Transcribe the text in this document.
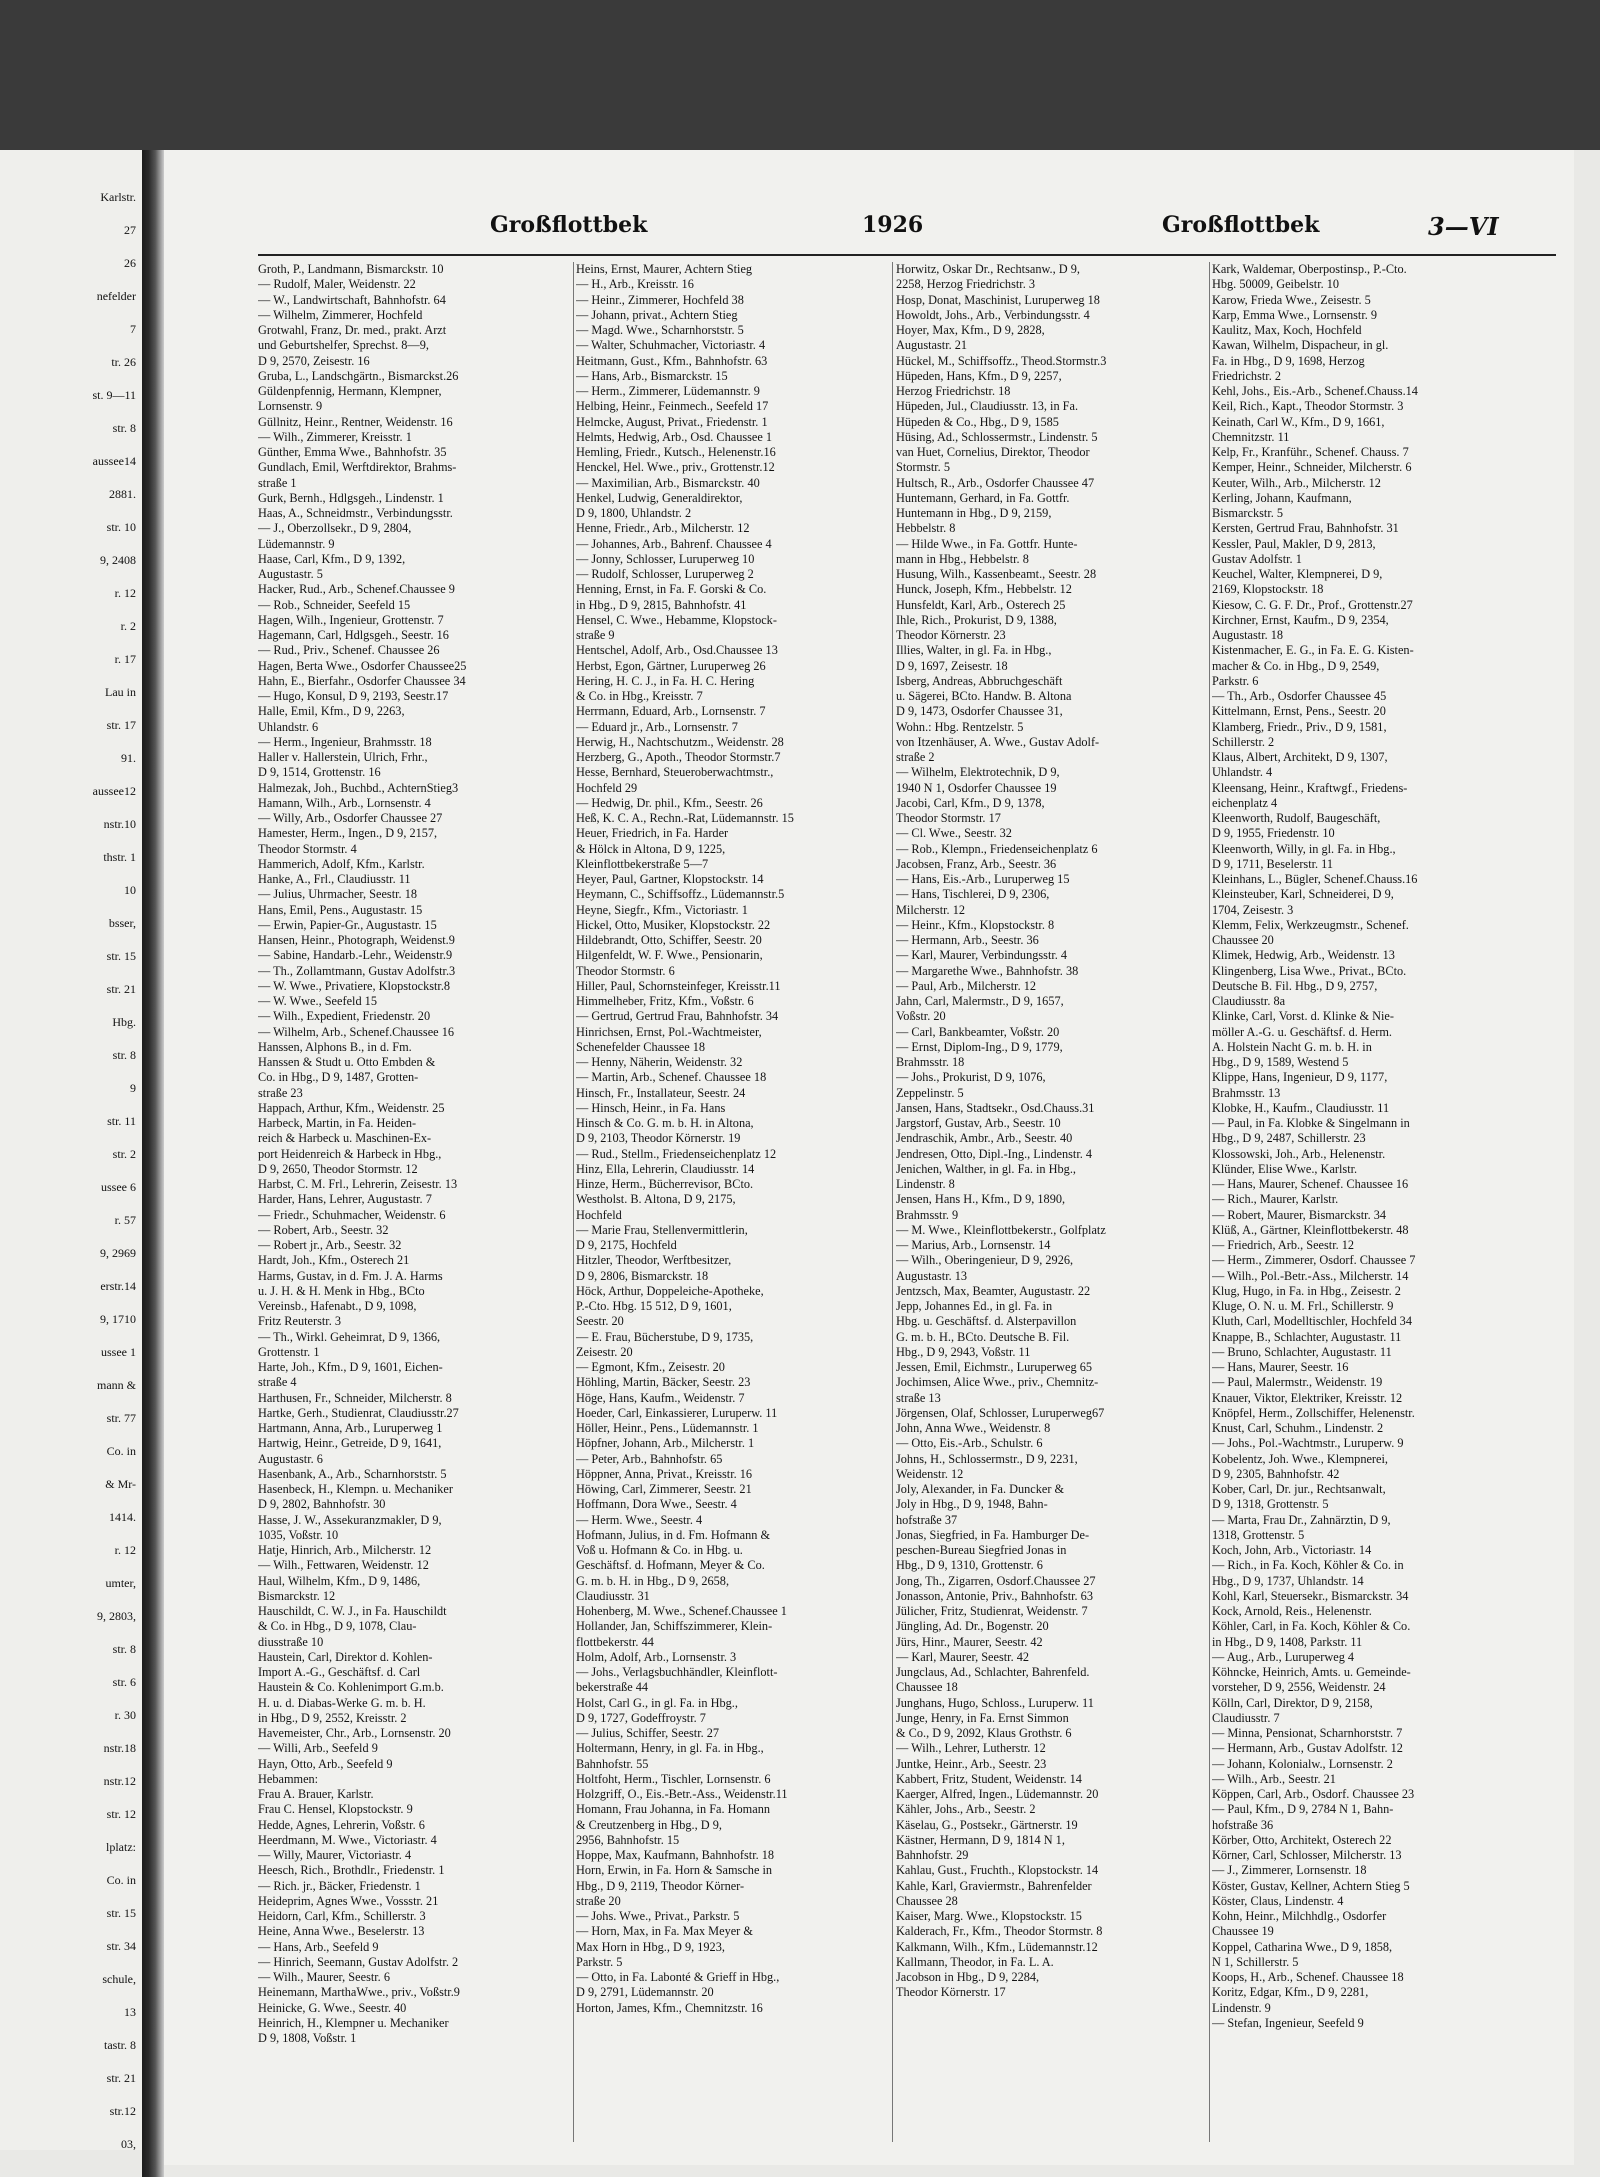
Karlstr.
27
26
nefelder
7
tr. 26
st. 9—11
str. 8
aussee14
2881.
str. 10
9, 2408
r. 12
r. 2
r. 17
Lau in
str. 17
91.
aussee12
nstr.10
thstr. 1
10
bsser,
str. 15
str. 21
Hbg.
str. 8
9
str. 11
str. 2
ussee 6
r. 57
9, 2969
erstr.14
9, 1710
ussee 1
mann &
str. 77
Co. in
& Mr-
1414.
r. 12
umter,
9, 2803,
str. 8
str. 6
r. 30
nstr.18
nstr.12
str. 12
lplatz:
Co. in
str. 15
str. 34
schule,
13
tastr. 8
str. 21
str.12
03,
Großflottbek	1926	Großflottbek	3—VI
Groth, P., Landmann, Bismarckstr. 10
— Rudolf, Maler, Weidenstr. 22
— W., Landwirtschaft, Bahnhofstr. 64
— Wilhelm, Zimmerer, Hochfeld
Grotwahl, Franz, Dr. med., prakt. Arzt
und Geburtshelfer, Sprechst. 8—9,
D 9, 2570, Zeisestr. 16
Gruba, L., Landschgärtn., Bismarckst.26
Güldenpfennig, Hermann, Klempner,
Lornsenstr. 9
Güllnitz, Heinr., Rentner, Weidenstr. 16
— Wilh., Zimmerer, Kreisstr. 1
Günther, Emma Wwe., Bahnhofstr. 35
Gundlach, Emil, Werftdirektor, Brahms-
straße 1
Gurk, Bernh., Hdlgsgeh., Lindenstr. 1
Haas, A., Schneidmstr., Verbindungsstr.
— J., Oberzollsekr., D 9, 2804,
Lüdemannstr. 9
Haase, Carl, Kfm., D 9, 1392,
Augustastr. 5
Hacker, Rud., Arb., Schenef.Chaussee 9
— Rob., Schneider, Seefeld 15
Hagen, Wilh., Ingenieur, Grottenstr. 7
Hagemann, Carl, Hdlgsgeh., Seestr. 16
— Rud., Priv., Schenef. Chaussee 26
Hagen, Berta Wwe., Osdorfer Chaussee25
Hahn, E., Bierfahr., Osdorfer Chaussee 34
— Hugo, Konsul, D 9, 2193, Seestr.17
Halle, Emil, Kfm., D 9, 2263,
Uhlandstr. 6
— Herm., Ingenieur, Brahmsstr. 18
Haller v. Hallerstein, Ulrich, Frhr.,
D 9, 1514, Grottenstr. 16
Halmezak, Joh., Buchbd., AchternStieg3
Hamann, Wilh., Arb., Lornsenstr. 4
— Willy, Arb., Osdorfer Chaussee 27
Hamester, Herm., Ingen., D 9, 2157,
Theodor Stormstr. 4
Hammerich, Adolf, Kfm., Karlstr.
Hanke, A., Frl., Claudiusstr. 11
— Julius, Uhrmacher, Seestr. 18
Hans, Emil, Pens., Augustastr. 15
— Erwin, Papier-Gr., Augustastr. 15
Hansen, Heinr., Photograph, Weidenst.9
— Sabine, Handarb.-Lehr., Weidenstr.9
— Th., Zollamtmann, Gustav Adolfstr.3
— W. Wwe., Privatiere, Klopstockstr.8
— W. Wwe., Seefeld 15
— Wilh., Expedient, Friedenstr. 20
— Wilhelm, Arb., Schenef.Chaussee 16
Hanssen, Alphons B., in d. Fm.
Hanssen & Studt u. Otto Embden &
Co. in Hbg., D 9, 1487, Grotten-
straße 23
Happach, Arthur, Kfm., Weidenstr. 25
Harbeck, Martin, in Fa. Heiden-
reich & Harbeck u. Maschinen-Ex-
port Heidenreich & Harbeck in Hbg.,
D 9, 2650, Theodor Stormstr. 12
Harbst, C. M. Frl., Lehrerin, Zeisestr. 13
Harder, Hans, Lehrer, Augustastr. 7
— Friedr., Schuhmacher, Weidenstr. 6
— Robert, Arb., Seestr. 32
— Robert jr., Arb., Seestr. 32
Hardt, Joh., Kfm., Osterech 21
Harms, Gustav, in d. Fm. J. A. Harms
u. J. H. & H. Menk in Hbg., BCto
Vereinsb., Hafenabt., D 9, 1098,
Fritz Reuterstr. 3
— Th., Wirkl. Geheimrat, D 9, 1366,
Grottenstr. 1
Harte, Joh., Kfm., D 9, 1601, Eichen-
straße 4
Harthusen, Fr., Schneider, Milcherstr. 8
Hartke, Gerh., Studienrat, Claudiusstr.27
Hartmann, Anna, Arb., Luruperweg 1
Hartwig, Heinr., Getreide, D 9, 1641,
Augustastr. 6
Hasenbank, A., Arb., Scharnhorststr. 5
Hasenbeck, H., Klempn. u. Mechaniker
D 9, 2802, Bahnhofstr. 30
Hasse, J. W., Assekuranzmakler, D 9,
1035, Voßstr. 10
Hatje, Hinrich, Arb., Milcherstr. 12
— Wilh., Fettwaren, Weidenstr. 12
Haul, Wilhelm, Kfm., D 9, 1486,
Bismarckstr. 12
Hauschildt, C. W. J., in Fa. Hauschildt
& Co. in Hbg., D 9, 1078, Clau-
diusstraße 10
Haustein, Carl, Direktor d. Kohlen-
Import A.-G., Geschäftsf. d. Carl
Haustein & Co. Kohlenimport G.m.b.
H. u. d. Diabas-Werke G. m. b. H.
in Hbg., D 9, 2552, Kreisstr. 2
Havemeister, Chr., Arb., Lornsenstr. 20
— Willi, Arb., Seefeld 9
Hayn, Otto, Arb., Seefeld 9
Hebammen:
Frau A. Brauer, Karlstr.
Frau C. Hensel, Klopstockstr. 9
Hedde, Agnes, Lehrerin, Voßstr. 6
Heerdmann, M. Wwe., Victoriastr. 4
— Willy, Maurer, Victoriastr. 4
Heesch, Rich., Brothdlr., Friedenstr. 1
— Rich. jr., Bäcker, Friedenstr. 1
Heideprim, Agnes Wwe., Vossstr. 21
Heidorn, Carl, Kfm., Schillerstr. 3
Heine, Anna Wwe., Beselerstr. 13
— Hans, Arb., Seefeld 9
— Hinrich, Seemann, Gustav Adolfstr. 2
— Wilh., Maurer, Seestr. 6
Heinemann, MarthaWwe., priv., Voßstr.9
Heinicke, G. Wwe., Seestr. 40
Heinrich, H., Klempner u. Mechaniker
D 9, 1808, Voßstr. 1
Heins, Ernst, Maurer, Achtern Stieg
— H., Arb., Kreisstr. 16
— Heinr., Zimmerer, Hochfeld 38
— Johann, privat., Achtern Stieg
— Magd. Wwe., Scharnhorststr. 5
— Walter, Schuhmacher, Victoriastr. 4
Heitmann, Gust., Kfm., Bahnhofstr. 63
— Hans, Arb., Bismarckstr. 15
— Herm., Zimmerer, Lüdemannstr. 9
Helbing, Heinr., Feinmech., Seefeld 17
Helmcke, August, Privat., Friedenstr. 1
Helmts, Hedwig, Arb., Osd. Chaussee 1
Hemling, Friedr., Kutsch., Helenenstr.16
Henckel, Hel. Wwe., priv., Grottenstr.12
— Maximilian, Arb., Bismarckstr. 40
Henkel, Ludwig, Generaldirektor,
D 9, 1800, Uhlandstr. 2
Henne, Friedr., Arb., Milcherstr. 12
— Johannes, Arb., Bahrenf. Chaussee 4
— Jonny, Schlosser, Luruperweg 10
— Rudolf, Schlosser, Luruperweg 2
Henning, Ernst, in Fa. F. Gorski & Co.
in Hbg., D 9, 2815, Bahnhofstr. 41
Hensel, C. Wwe., Hebamme, Klopstock-
straße 9
Hentschel, Adolf, Arb., Osd.Chaussee 13
Herbst, Egon, Gärtner, Luruperweg 26
Hering, H. C. J., in Fa. H. C. Hering
& Co. in Hbg., Kreisstr. 7
Herrmann, Eduard, Arb., Lornsenstr. 7
— Eduard jr., Arb., Lornsenstr. 7
Herwig, H., Nachtschutzm., Weidenstr. 28
Herzberg, G., Apoth., Theodor Stormstr.7
Hesse, Bernhard, Steueroberwachtmstr.,
Hochfeld 29
— Hedwig, Dr. phil., Kfm., Seestr. 26
Heß, K. C. A., Rechn.-Rat, Lüdemannstr. 15
Heuer, Friedrich, in Fa. Harder
& Hölck in Altona, D 9, 1225,
Kleinflottbekerstraße 5—7
Heyer, Paul, Gartner, Klopstockstr. 14
Heymann, C., Schiffsoffz., Lüdemannstr.5
Heyne, Siegfr., Kfm., Victoriastr. 1
Hickel, Otto, Musiker, Klopstockstr. 22
Hildebrandt, Otto, Schiffer, Seestr. 20
Hilgenfeldt, W. F. Wwe., Pensionarin,
Theodor Stormstr. 6
Hiller, Paul, Schornsteinfeger, Kreisstr.11
Himmelheber, Fritz, Kfm., Voßstr. 6
— Gertrud, Gertrud Frau, Bahnhofstr. 34
Hinrichsen, Ernst, Pol.-Wachtmeister,
Schenefelder Chaussee 18
— Henny, Näherin, Weidenstr. 32
— Martin, Arb., Schenef. Chaussee 18
Hinsch, Fr., Installateur, Seestr. 24
— Hinsch, Heinr., in Fa. Hans
Hinsch & Co. G. m. b. H. in Altona,
D 9, 2103, Theodor Körnerstr. 19
— Rud., Stellm., Friedenseichenplatz 12
Hinz, Ella, Lehrerin, Claudiusstr. 14
Hinze, Herm., Bücherrevisor, BCto.
Westholst. B. Altona, D 9, 2175,
Hochfeld
— Marie Frau, Stellenvermittlerin,
D 9, 2175, Hochfeld
Hitzler, Theodor, Werftbesitzer,
D 9, 2806, Bismarckstr. 18
Höck, Arthur, Doppeleiche-Apotheke,
P.-Cto. Hbg. 15 512, D 9, 1601,
Seestr. 20
— E. Frau, Bücherstube, D 9, 1735,
Zeisestr. 20
— Egmont, Kfm., Zeisestr. 20
Höhling, Martin, Bäcker, Seestr. 23
Höge, Hans, Kaufm., Weidenstr. 7
Hoeder, Carl, Einkassierer, Luruperw. 11
Höller, Heinr., Pens., Lüdemannstr. 1
Höpfner, Johann, Arb., Milcherstr. 1
— Peter, Arb., Bahnhofstr. 65
Höppner, Anna, Privat., Kreisstr. 16
Höwing, Carl, Zimmerer, Seestr. 21
Hoffmann, Dora Wwe., Seestr. 4
— Herm. Wwe., Seestr. 4
Hofmann, Julius, in d. Fm. Hofmann &
Voß u. Hofmann & Co. in Hbg. u.
Geschäftsf. d. Hofmann, Meyer & Co.
G. m. b. H. in Hbg., D 9, 2658,
Claudiusstr. 31
Hohenberg, M. Wwe., Schenef.Chaussee 1
Hollander, Jan, Schiffszimmerer, Klein-
flottbekerstr. 44
Holm, Adolf, Arb., Lornsenstr. 3
— Johs., Verlagsbuchhändler, Kleinflott-
bekerstraße 44
Holst, Carl G., in gl. Fa. in Hbg.,
D 9, 1727, Godeffroystr. 7
— Julius, Schiffer, Seestr. 27
Holtermann, Henry, in gl. Fa. in Hbg.,
Bahnhofstr. 55
Holtfoht, Herm., Tischler, Lornsenstr. 6
Holzgriff, O., Eis.-Betr.-Ass., Weidenstr.11
Homann, Frau Johanna, in Fa. Homann
& Creutzenberg in Hbg., D 9,
2956, Bahnhofstr. 15
Hoppe, Max, Kaufmann, Bahnhofstr. 18
Horn, Erwin, in Fa. Horn & Samsche in
Hbg., D 9, 2119, Theodor Körner-
straße 20
— Johs. Wwe., Privat., Parkstr. 5
— Horn, Max, in Fa. Max Meyer &
Max Horn in Hbg., D 9, 1923,
Parkstr. 5
— Otto, in Fa. Labonté & Grieff in Hbg.,
D 9, 2791, Lüdemannstr. 20
Horton, James, Kfm., Chemnitzstr. 16
Horwitz, Oskar Dr., Rechtsanw., D 9,
2258, Herzog Friedrichstr. 3
Hosp, Donat, Maschinist, Luruperweg 18
Howoldt, Johs., Arb., Verbindungsstr. 4
Hoyer, Max, Kfm., D 9, 2828,
Augustastr. 21
Hückel, M., Schiffsoffz., Theod.Stormstr.3
Hüpeden, Hans, Kfm., D 9, 2257,
Herzog Friedrichstr. 18
Hüpeden, Jul., Claudiusstr. 13, in Fa.
Hüpeden & Co., Hbg., D 9, 1585
Hüsing, Ad., Schlossermstr., Lindenstr. 5
van Huet, Cornelius, Direktor, Theodor
Stormstr. 5
Hultsch, R., Arb., Osdorfer Chaussee 47
Huntemann, Gerhard, in Fa. Gottfr.
Huntemann in Hbg., D 9, 2159,
Hebbelstr. 8
— Hilde Wwe., in Fa. Gottfr. Hunte-
mann in Hbg., Hebbelstr. 8
Husung, Wilh., Kassenbeamt., Seestr. 28
Hunck, Joseph, Kfm., Hebbelstr. 12
Hunsfeldt, Karl, Arb., Osterech 25
Ihle, Rich., Prokurist, D 9, 1388,
Theodor Körnerstr. 23
Illies, Walter, in gl. Fa. in Hbg.,
D 9, 1697, Zeisestr. 18
Isberg, Andreas, Abbruchgeschäft
u. Sägerei, BCto. Handw. B. Altona
D 9, 1473, Osdorfer Chaussee 31,
Wohn.: Hbg. Rentzelstr. 5
von Itzenhäuser, A. Wwe., Gustav Adolf-
straße 2
— Wilhelm, Elektrotechnik, D 9,
1940 N 1, Osdorfer Chaussee 19
Jacobi, Carl, Kfm., D 9, 1378,
Theodor Stormstr. 17
— Cl. Wwe., Seestr. 32
— Rob., Klempn., Friedenseichenplatz 6
Jacobsen, Franz, Arb., Seestr. 36
— Hans, Eis.-Arb., Luruperweg 15
— Hans, Tischlerei, D 9, 2306,
Milcherstr. 12
— Heinr., Kfm., Klopstockstr. 8
— Hermann, Arb., Seestr. 36
— Karl, Maurer, Verbindungsstr. 4
— Margarethe Wwe., Bahnhofstr. 38
— Paul, Arb., Milcherstr. 12
Jahn, Carl, Malermstr., D 9, 1657,
Voßstr. 20
— Carl, Bankbeamter, Voßstr. 20
— Ernst, Diplom-Ing., D 9, 1779,
Brahmsstr. 18
— Johs., Prokurist, D 9, 1076,
Zeppelinstr. 5
Jansen, Hans, Stadtsekr., Osd.Chauss.31
Jargstorf, Gustav, Arb., Seestr. 10
Jendraschik, Ambr., Arb., Seestr. 40
Jendresen, Otto, Dipl.-Ing., Lindenstr. 4
Jenichen, Walther, in gl. Fa. in Hbg.,
Lindenstr. 8
Jensen, Hans H., Kfm., D 9, 1890,
Brahmsstr. 9
— M. Wwe., Kleinflottbekerstr., Golfplatz
— Marius, Arb., Lornsenstr. 14
— Wilh., Oberingenieur, D 9, 2926,
Augustastr. 13
Jentzsch, Max, Beamter, Augustastr. 22
Jepp, Johannes Ed., in gl. Fa. in
Hbg. u. Geschäftsf. d. Alsterpavillon
G. m. b. H., BCto. Deutsche B. Fil.
Hbg., D 9, 2943, Voßstr. 11
Jessen, Emil, Eichmstr., Luruperweg 65
Jochimsen, Alice Wwe., priv., Chemnitz-
straße 13
Jörgensen, Olaf, Schlosser, Luruperweg67
John, Anna Wwe., Weidenstr. 8
— Otto, Eis.-Arb., Schulstr. 6
Johns, H., Schlossermstr., D 9, 2231,
Weidenstr. 12
Joly, Alexander, in Fa. Duncker &
Joly in Hbg., D 9, 1948, Bahn-
hofstraße 37
Jonas, Siegfried, in Fa. Hamburger De-
peschen-Bureau Siegfried Jonas in
Hbg., D 9, 1310, Grottenstr. 6
Jong, Th., Zigarren, Osdorf.Chaussee 27
Jonasson, Antonie, Priv., Bahnhofstr. 63
Jülicher, Fritz, Studienrat, Weidenstr. 7
Jüngling, Ad. Dr., Bogenstr. 20
Jürs, Hinr., Maurer, Seestr. 42
— Karl, Maurer, Seestr. 42
Jungclaus, Ad., Schlachter, Bahrenfeld.
Chaussee 18
Junghans, Hugo, Schloss., Luruperw. 11
Junge, Henry, in Fa. Ernst Simmon
& Co., D 9, 2092, Klaus Grothstr. 6
— Wilh., Lehrer, Lutherstr. 12
Juntke, Heinr., Arb., Seestr. 23
Kabbert, Fritz, Student, Weidenstr. 14
Kaerger, Alfred, Ingen., Lüdemannstr. 20
Kähler, Johs., Arb., Seestr. 2
Käselau, G., Postsekr., Gärtnerstr. 19
Kästner, Hermann, D 9, 1814 N 1,
Bahnhofstr. 29
Kahlau, Gust., Fruchth., Klopstockstr. 14
Kahle, Karl, Graviermstr., Bahrenfelder
Chaussee 28
Kaiser, Marg. Wwe., Klopstockstr. 15
Kalderach, Fr., Kfm., Theodor Stormstr. 8
Kalkmann, Wilh., Kfm., Lüdemannstr.12
Kallmann, Theodor, in Fa. L. A.
Jacobson in Hbg., D 9, 2284,
Theodor Körnerstr. 17
Kark, Waldemar, Oberpostinsp., P.-Cto.
Hbg. 50009, Geibelstr. 10
Karow, Frieda Wwe., Zeisestr. 5
Karp, Emma Wwe., Lornsenstr. 9
Kaulitz, Max, Koch, Hochfeld
Kawan, Wilhelm, Dispacheur, in gl.
Fa. in Hbg., D 9, 1698, Herzog
Friedrichstr. 2
Kehl, Johs., Eis.-Arb., Schenef.Chauss.14
Keil, Rich., Kapt., Theodor Stormstr. 3
Keinath, Carl W., Kfm., D 9, 1661,
Chemnitzstr. 11
Kelp, Fr., Kranführ., Schenef. Chauss. 7
Kemper, Heinr., Schneider, Milcherstr. 6
Keuter, Wilh., Arb., Milcherstr. 12
Kerling, Johann, Kaufmann,
Bismarckstr. 5
Kersten, Gertrud Frau, Bahnhofstr. 31
Kessler, Paul, Makler, D 9, 2813,
Gustav Adolfstr. 1
Keuchel, Walter, Klempnerei, D 9,
2169, Klopstockstr. 18
Kiesow, C. G. F. Dr., Prof., Grottenstr.27
Kirchner, Ernst, Kaufm., D 9, 2354,
Augustastr. 18
Kistenmacher, E. G., in Fa. E. G. Kisten-
macher & Co. in Hbg., D 9, 2549,
Parkstr. 6
— Th., Arb., Osdorfer Chaussee 45
Kittelmann, Ernst, Pens., Seestr. 20
Klamberg, Friedr., Priv., D 9, 1581,
Schillerstr. 2
Klaus, Albert, Architekt, D 9, 1307,
Uhlandstr. 4
Kleensang, Heinr., Kraftwgf., Friedens-
eichenplatz 4
Kleenworth, Rudolf, Baugeschäft,
D 9, 1955, Friedenstr. 10
Kleenworth, Willy, in gl. Fa. in Hbg.,
D 9, 1711, Beselerstr. 11
Kleinhans, L., Bügler, Schenef.Chauss.16
Kleinsteuber, Karl, Schneiderei, D 9,
1704, Zeisestr. 3
Klemm, Felix, Werkzeugmstr., Schenef.
Chaussee 20
Klimek, Hedwig, Arb., Weidenstr. 13
Klingenberg, Lisa Wwe., Privat., BCto.
Deutsche B. Fil. Hbg., D 9, 2757,
Claudiusstr. 8a
Klinke, Carl, Vorst. d. Klinke & Nie-
möller A.-G. u. Geschäftsf. d. Herm.
A. Holstein Nacht G. m. b. H. in
Hbg., D 9, 1589, Westend 5
Klippe, Hans, Ingenieur, D 9, 1177,
Brahmsstr. 13
Klobke, H., Kaufm., Claudiusstr. 11
— Paul, in Fa. Klobke & Singelmann in
Hbg., D 9, 2487, Schillerstr. 23
Klossowski, Joh., Arb., Helenenstr.
Klünder, Elise Wwe., Karlstr.
— Hans, Maurer, Schenef. Chaussee 16
— Rich., Maurer, Karlstr.
— Robert, Maurer, Bismarckstr. 34
Klüß, A., Gärtner, Kleinflottbekerstr. 48
— Friedrich, Arb., Seestr. 12
— Herm., Zimmerer, Osdorf. Chaussee 7
— Wilh., Pol.-Betr.-Ass., Milcherstr. 14
Klug, Hugo, in Fa. in Hbg., Zeisestr. 2
Kluge, O. N. u. M. Frl., Schillerstr. 9
Kluth, Carl, Modelltischler, Hochfeld 34
Knappe, B., Schlachter, Augustastr. 11
— Bruno, Schlachter, Augustastr. 11
— Hans, Maurer, Seestr. 16
— Paul, Malermstr., Weidenstr. 19
Knauer, Viktor, Elektriker, Kreisstr. 12
Knöpfel, Herm., Zollschiffer, Helenenstr.
Knust, Carl, Schuhm., Lindenstr. 2
— Johs., Pol.-Wachtmstr., Luruperw. 9
Kobelentz, Joh. Wwe., Klempnerei,
D 9, 2305, Bahnhofstr. 42
Kober, Carl, Dr. jur., Rechtsanwalt,
D 9, 1318, Grottenstr. 5
— Marta, Frau Dr., Zahnärztin, D 9,
1318, Grottenstr. 5
Koch, John, Arb., Victoriastr. 14
— Rich., in Fa. Koch, Köhler & Co. in
Hbg., D 9, 1737, Uhlandstr. 14
Kohl, Karl, Steuersekr., Bismarckstr. 34
Kock, Arnold, Reis., Helenenstr.
Köhler, Carl, in Fa. Koch, Köhler & Co.
in Hbg., D 9, 1408, Parkstr. 11
— Aug., Arb., Luruperweg 4
Köhncke, Heinrich, Amts. u. Gemeinde-
vorsteher, D 9, 2556, Weidenstr. 24
Kölln, Carl, Direktor, D 9, 2158,
Claudiusstr. 7
— Minna, Pensionat, Scharnhorststr. 7
— Hermann, Arb., Gustav Adolfstr. 12
— Johann, Kolonialw., Lornsenstr. 2
— Wilh., Arb., Seestr. 21
Köppen, Carl, Arb., Osdorf. Chaussee 23
— Paul, Kfm., D 9, 2784 N 1, Bahn-
hofstraße 36
Körber, Otto, Architekt, Osterech 22
Körner, Carl, Schlosser, Milcherstr. 13
— J., Zimmerer, Lornsenstr. 18
Köster, Gustav, Kellner, Achtern Stieg 5
Köster, Claus, Lindenstr. 4
Kohn, Heinr., Milchhdlg., Osdorfer
Chaussee 19
Koppel, Catharina Wwe., D 9, 1858,
N 1, Schillerstr. 5
Koops, H., Arb., Schenef. Chaussee 18
Koritz, Edgar, Kfm., D 9, 2281,
Lindenstr. 9
— Stefan, Ingenieur, Seefeld 9
